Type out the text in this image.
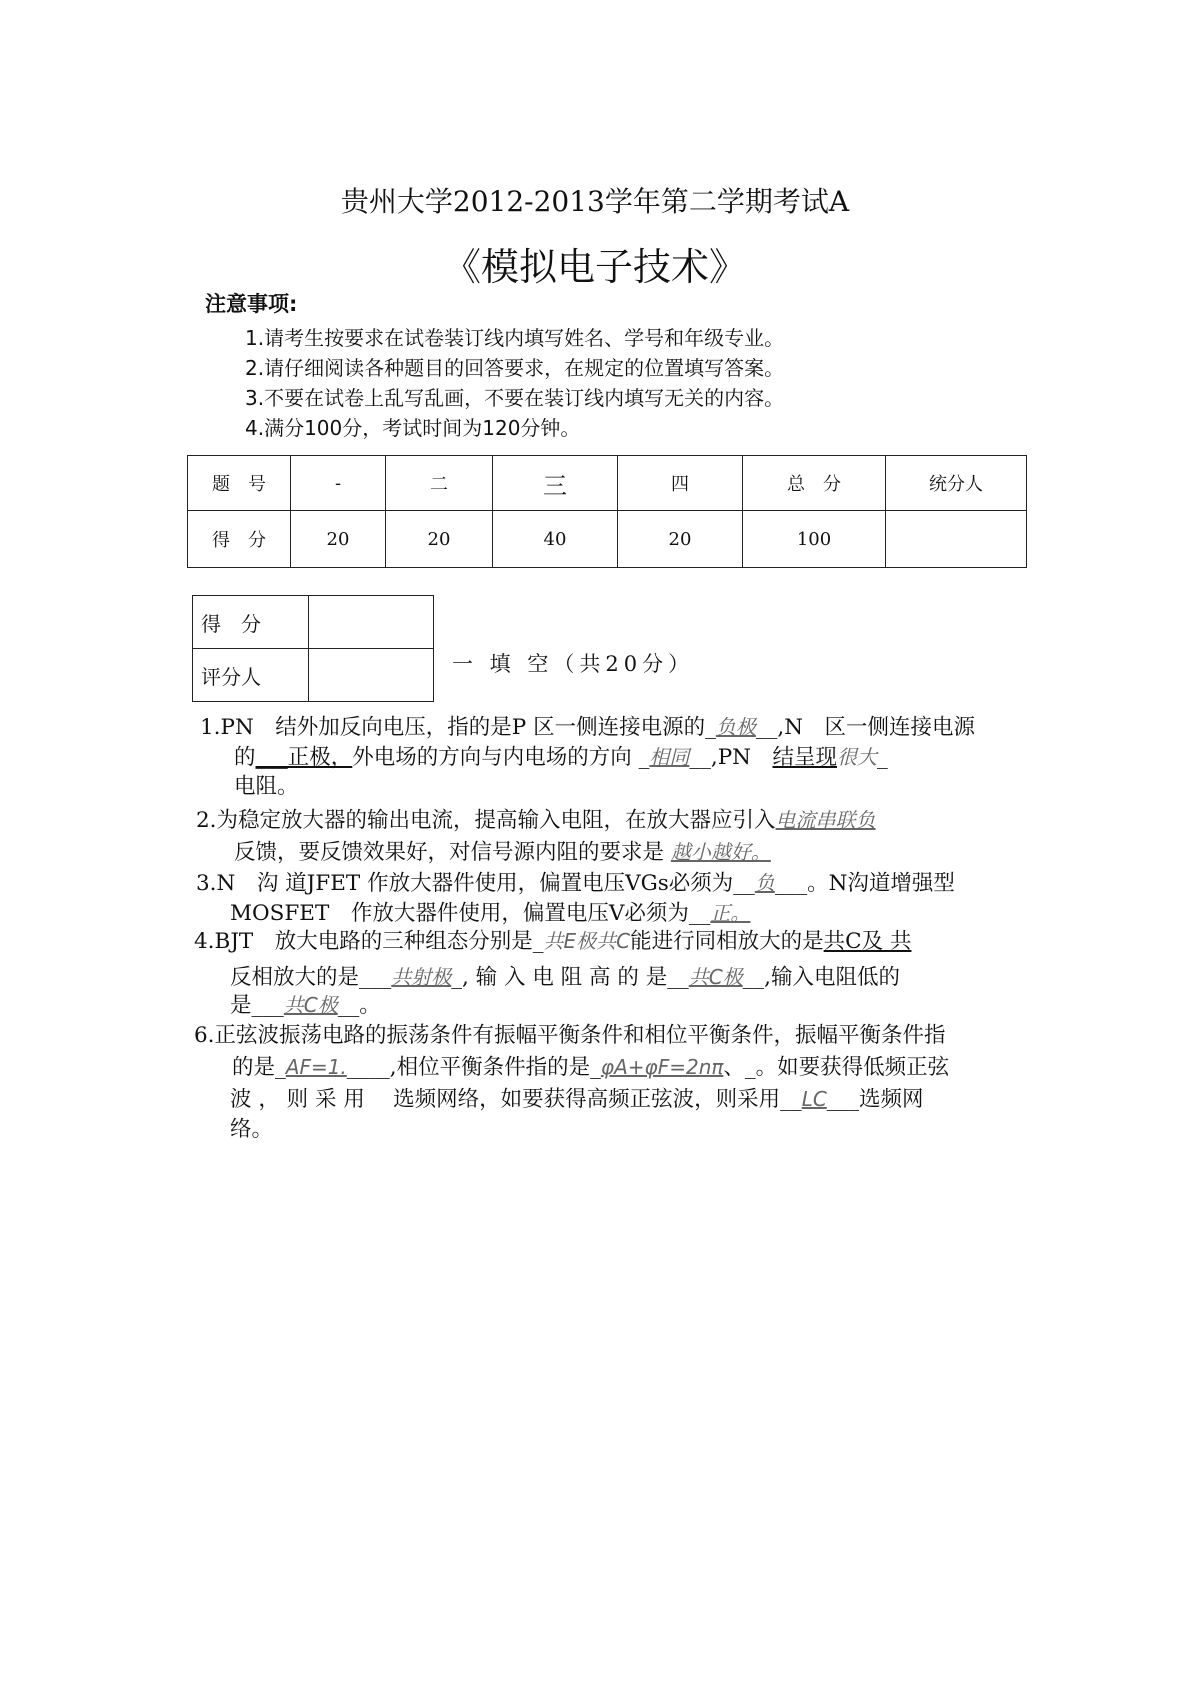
贵州大学2012-2013学年第二学期考试A
《模拟电子技术》
注意事项:
1.请考生按要求在试卷装订线内填写姓名、学号和年级专业。
2.请仔细阅读各种题目的回答要求，在规定的位置填写答案。
3.不要在试卷上乱写乱画，不要在装订线内填写无关的内容。
4.满分100分，考试时间为120分钟。
题　号	-	二	三	四	总　分	统分人
得　分	20	20	40	20	100	
得　分	
评分人	
一 填 空（共20分）
1.PN　结外加反向电压，指的是P 区一侧连接电源的_负极__,N　区一侧连接电源
的___正极，外电场的方向与内电场的方向 _相同__,PN　结呈现很大_
电阻。
2.为稳定放大器的输出电流，提高输入电阻，在放大器应引入电流串联负
反馈，要反馈效果好，对信号源内阻的要求是 越小越好。
3.N　沟 道JFET 作放大器件使用，偏置电压VGs必须为__负___。N沟道增强型
MOSFET　作放大器件使用，偏置电压V必须为__正。
4.BJT　放大电路的三种组态分别是_共E极共C能进行同相放大的是共C及 共
反相放大的是___共射极_, 输 入 电 阻 高 的 是__共C极__,输入电阻低的
是___共C极__。
6.正弦波振荡电路的振荡条件有振幅平衡条件和相位平衡条件，振幅平衡条件指
的是_AF=1.____,相位平衡条件指的是_φA+φF=2nπ、_。如要获得低频正弦
波 ， 则 采 用　 选频网络，如要获得高频正弦波，则采用__LC___选频网
络。
